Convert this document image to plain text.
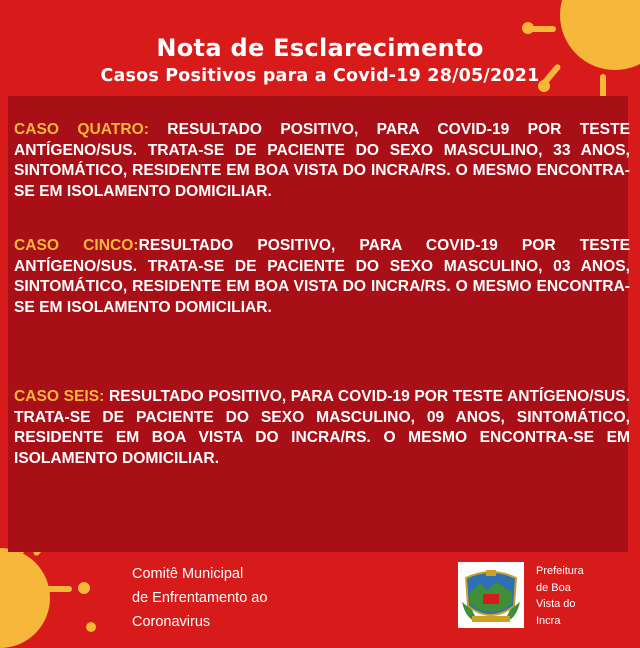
Nota de Esclarecimento
Casos Positivos para a Covid-19 28/05/2021
CASO QUATRO: RESULTADO POSITIVO, PARA COVID-19 POR TESTE ANTÍGENO/SUS. TRATA-SE DE PACIENTE DO SEXO MASCULINO, 33 ANOS, SINTOMÁTICO, RESIDENTE EM BOA VISTA DO INCRA/RS. O MESMO ENCONTRA-SE EM ISOLAMENTO DOMICILIAR.
CASO CINCO:RESULTADO POSITIVO, PARA COVID-19 POR TESTE ANTÍGENO/SUS. TRATA-SE DE PACIENTE DO SEXO MASCULINO, 03 ANOS, SINTOMÁTICO, RESIDENTE EM BOA VISTA DO INCRA/RS. O MESMO ENCONTRA-SE EM ISOLAMENTO DOMICILIAR.
CASO SEIS: RESULTADO POSITIVO, PARA COVID-19 POR TESTE ANTÍGENO/SUS. TRATA-SE DE PACIENTE DO SEXO MASCULINO, 09 ANOS, SINTOMÁTICO, RESIDENTE EM BOA VISTA DO INCRA/RS. O MESMO ENCONTRA-SE EM ISOLAMENTO DOMICILIAR.
Comitê Municipal
de Enfrentamento ao
Coronavirus
Prefeitura
de Boa
Vista do
Incra
